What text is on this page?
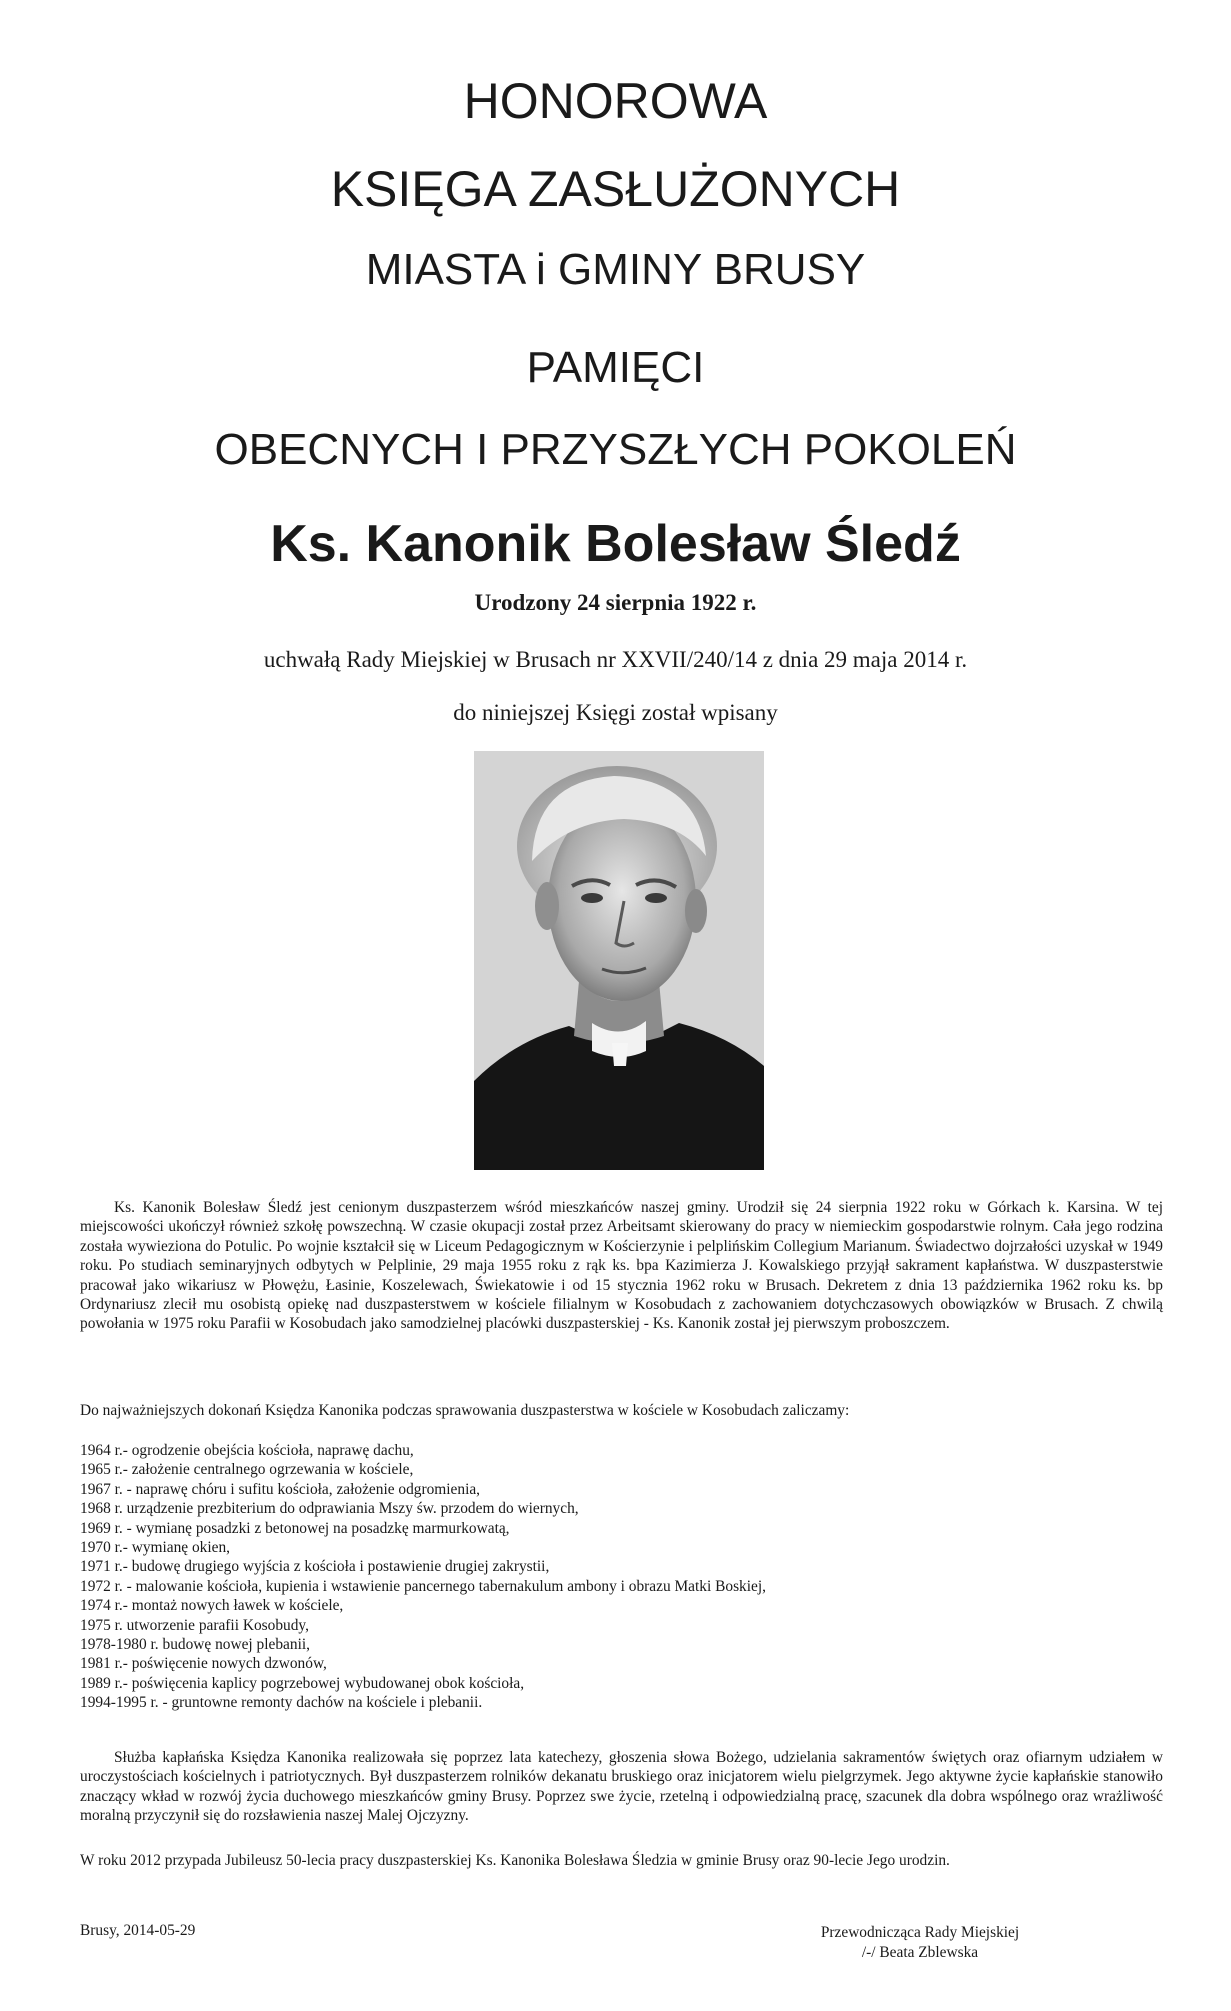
HONOROWA
KSIĘGA ZASŁUŻONYCH
MIASTA i GMINY BRUSY
PAMIĘCI
OBECNYCH I PRZYSZŁYCH POKOLEŃ
Ks. Kanonik Bolesław Śledź
Urodzony 24 sierpnia 1922 r.
uchwałą Rady Miejskiej w Brusach nr XXVII/240/14 z dnia 29 maja 2014 r.
do niniejszej Księgi został wpisany
Ks. Kanonik Bolesław Śledź jest cenionym duszpasterzem wśród mieszkańców naszej gminy. Urodził się 24 sierpnia 1922 roku w Górkach k. Karsina. W tej miejscowości ukończył również szkołę powszechną. W czasie okupacji został przez Arbeitsamt skierowany do pracy w niemieckim gospodarstwie rolnym. Cała jego rodzina została wywieziona do Potulic. Po wojnie kształcił się w Liceum Pedagogicznym w Kościerzynie i pelplińskim Collegium Marianum. Świadectwo dojrzałości uzyskał w 1949 roku. Po studiach seminaryjnych odbytych w Pelplinie, 29 maja 1955 roku z rąk ks. bpa Kazimierza J. Kowalskiego przyjął sakrament kapłaństwa. W duszpasterstwie pracował jako wikariusz w Płowężu, Łasinie, Koszelewach, Świekatowie i od 15 stycznia 1962 roku w Brusach. Dekretem z dnia 13 października 1962 roku ks. bp Ordynariusz zlecił mu osobistą opiekę nad duszpasterstwem w kościele filialnym w Kosobudach z zachowaniem dotychczasowych obowiązków w Brusach. Z chwilą powołania w 1975 roku Parafii w Kosobudach jako samodzielnej placówki duszpasterskiej - Ks. Kanonik został jej pierwszym proboszczem.
Do najważniejszych dokonań Księdza Kanonika podczas sprawowania duszpasterstwa w kościele w Kosobudach zaliczamy:
1964 r.- ogrodzenie obejścia kościoła, naprawę dachu,
1965 r.- założenie centralnego ogrzewania w kościele,
1967 r. - naprawę chóru i sufitu kościoła, założenie odgromienia,
1968 r. urządzenie prezbiterium do odprawiania Mszy św. przodem do wiernych,
1969 r. - wymianę posadzki z betonowej na posadzkę marmurkowatą,
1970 r.- wymianę okien,
1971 r.- budowę drugiego wyjścia z kościoła i postawienie drugiej zakrystii,
1972 r. - malowanie kościoła, kupienia i wstawienie pancernego tabernakulum ambony i obrazu Matki Boskiej,
1974 r.- montaż nowych ławek w kościele,
1975 r. utworzenie parafii Kosobudy,
1978-1980 r. budowę nowej plebanii,
1981 r.- poświęcenie nowych dzwonów,
1989 r.- poświęcenia kaplicy pogrzebowej wybudowanej obok kościoła,
1994-1995 r. - gruntowne remonty dachów na kościele i plebanii.
Służba kapłańska Księdza Kanonika realizowała się poprzez lata katechezy, głoszenia słowa Bożego, udzielania sakramentów świętych oraz ofiarnym udziałem w uroczystościach kościelnych i patriotycznych. Był duszpasterzem rolników dekanatu bruskiego oraz inicjatorem wielu pielgrzymek. Jego aktywne życie kapłańskie stanowiło znaczący wkład w rozwój życia duchowego mieszkańców gminy Brusy. Poprzez swe życie, rzetelną i odpowiedzialną pracę, szacunek dla dobra wspólnego oraz wrażliwość moralną przyczynił się do rozsławienia naszej Malej Ojczyzny.
W roku 2012 przypada Jubileusz 50-lecia pracy duszpasterskiej Ks. Kanonika Bolesława Śledzia w gminie Brusy oraz 90-lecie Jego urodzin.
Brusy, 2014-05-29	Przewodnicząca Rady Miejskiej
/-/ Beata Zblewska
